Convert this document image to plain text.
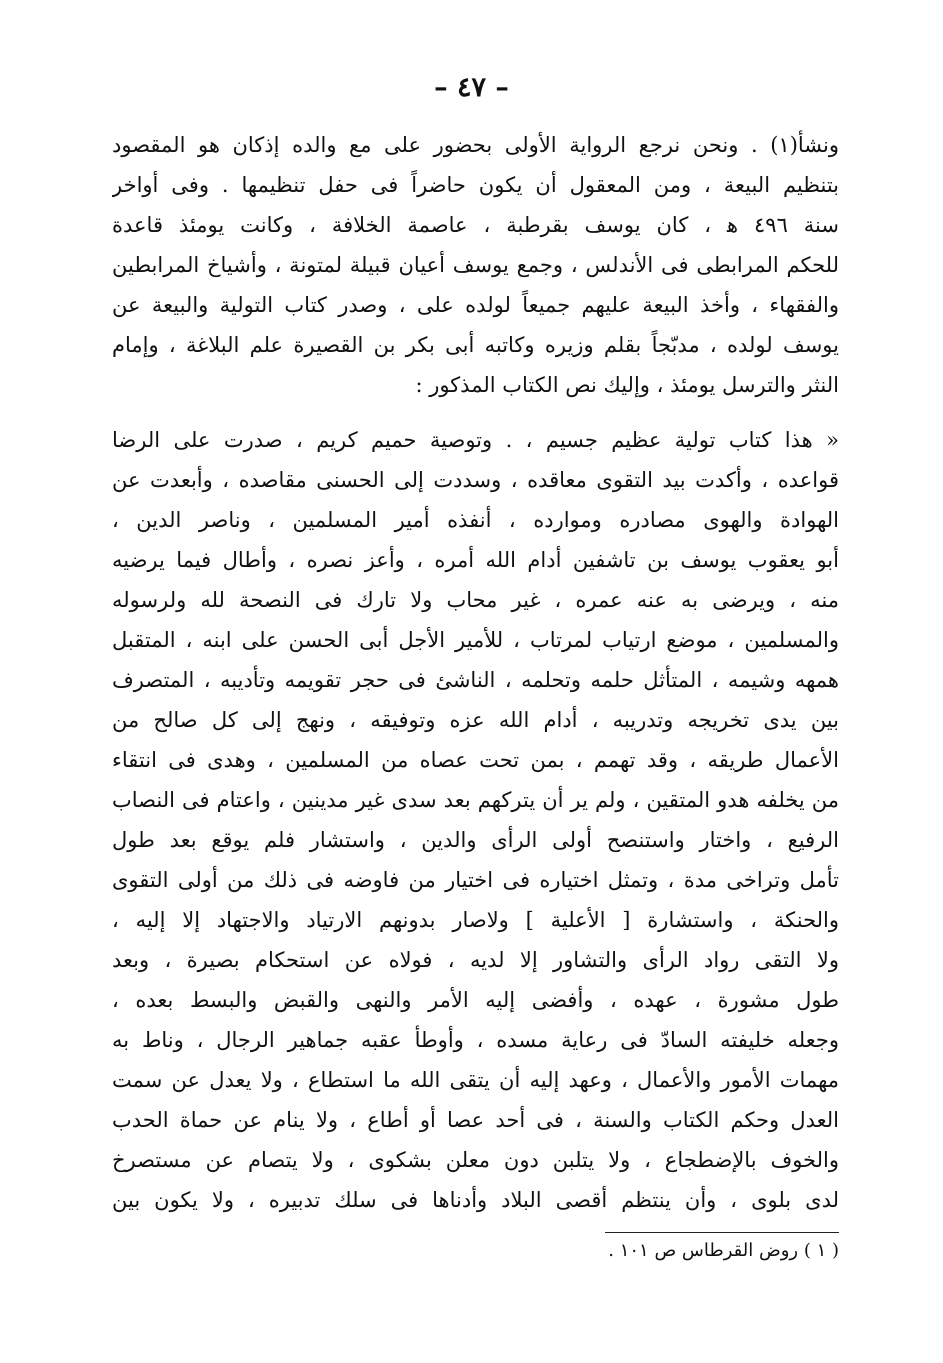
– ٤٧ –
ونشأ(١) . ونحن نرجع الرواية الأولى بحضور على مع والده إذكان هو المقصود
بتنظيم البيعة ، ومن المعقول أن يكون حاضراً فى حفل تنظيمها . وفى أواخر
سنة ٤٩٦ ﻫ ، كان يوسف بقرطبة ، عاصمة الخلافة ، وكانت يومئذ قاعدة
للحكم المرابطى فى الأندلس ، وجمع يوسف أعيان قبيلة لمتونة ، وأشياخ المرابطين
والفقهاء ، وأخذ البيعة عليهم جميعاً لولده على ، وصدر كتاب التولية والبيعة عن
يوسف لولده ، مدبّجاً بقلم وزيره وكاتبه أبى بكر بن القصيرة علم البلاغة ، وإمام
النثر والترسل يومئذ ، وإليك نص الكتاب المذكور :
« هذا كتاب تولية عظيم جسيم ، . وتوصية حميم كريم ، صدرت على الرضا
قواعده ، وأكدت بيد التقوى معاقده ، وسددت إلى الحسنى مقاصده ، وأبعدت عن
الهوادة والهوى مصادره وموارده ، أنفذه أمير المسلمين ، وناصر الدين ،
أبو يعقوب يوسف بن تاشفين أدام الله أمره ، وأعز نصره ، وأطال فيما يرضيه
منه ، ويرضى به عنه عمره ، غير محاب ولا تارك فى النصحة لله ولرسوله
والمسلمين ، موضع ارتياب لمرتاب ، للأمير الأجل أبى الحسن على ابنه ، المتقبل
همهه وشيمه ، المتأثل حلمه وتحلمه ، الناشئ فى حجر تقويمه وتأديبه ، المتصرف
بين يدى تخريجه وتدريبه ، أدام الله عزه وتوفيقه ، ونهج إلى كل صالح من
الأعمال طريقه ، وقد تهمم ، بمن تحت عصاه من المسلمين ، وهدى فى انتقاء
من يخلفه هدو المتقين ، ولم ير أن يتركهم بعد سدى غير مدينين ، واعتام فى النصاب
الرفيع ، واختار واستنصح أولى الرأى والدين ، واستشار فلم يوقع بعد طول
تأمل وتراخى مدة ، وتمثل اختياره فى اختيار من فاوضه فى ذلك من أولى التقوى
والحنكة ، واستشارة [ الأعلية ] ولاصار بدونهم الارتياد والاجتهاد إلا إليه ،
ولا التقى رواد الرأى والتشاور إلا لديه ، فولاه عن استحكام بصيرة ، وبعد
طول مشورة ، عهده ، وأفضى إليه الأمر والنهى والقبض والبسط بعده ،
وجعله خليفته السادّ فى رعاية مسده ، وأوطأ عقبه جماهير الرجال ، وناط به
مهمات الأمور والأعمال ، وعهد إليه أن يتقى الله ما استطاع ، ولا يعدل عن سمت
العدل وحكم الكتاب والسنة ، فى أحد عصا أو أطاع ، ولا ينام عن حماة الحدب
والخوف بالإضطجاع ، ولا يتلبن دون معلن بشكوى ، ولا يتصام عن مستصرخ
لدى بلوى ، وأن ينتظم أقصى البلاد وأدناها فى سلك تدبيره ، ولا يكون بين
( ١ ) روض القرطاس ص ١٠١ .
